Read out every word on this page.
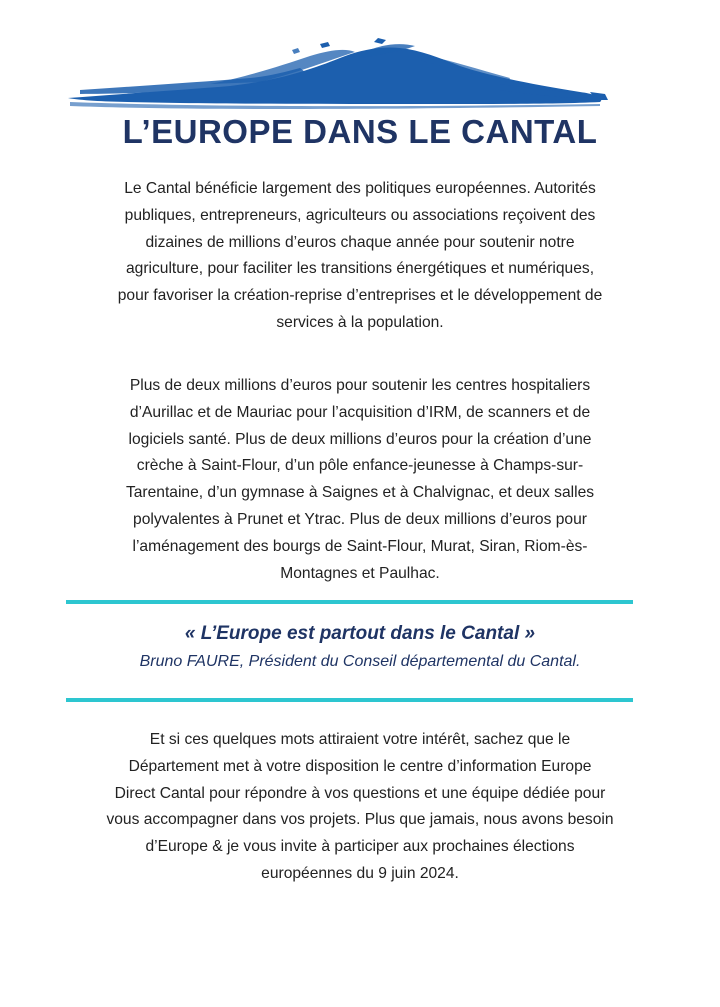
L’EUROPE DANS LE CANTAL
Le Cantal bénéficie largement des politiques européennes. Autorités
publiques, entrepreneurs, agriculteurs ou associations reçoivent des
dizaines de millions d’euros chaque année pour soutenir notre
agriculture, pour faciliter les transitions énergétiques et numériques,
pour favoriser la création-reprise d’entreprises et le développement de
services à la population.
Plus de deux millions d’euros pour soutenir les centres hospitaliers
d’Aurillac et de Mauriac pour l’acquisition d’IRM, de scanners et de
logiciels santé. Plus de deux millions d’euros pour la création d’une
crèche à Saint-Flour, d’un pôle enfance-jeunesse à Champs-sur-
Tarentaine, d’un gymnase à Saignes et à Chalvignac, et deux salles
polyvalentes à Prunet et Ytrac. Plus de deux millions d’euros pour
l’aménagement des bourgs de Saint-Flour, Murat, Siran, Riom-ès-
Montagnes et Paulhac.
« L’Europe est partout dans le Cantal »
Bruno FAURE, Président du Conseil départemental du Cantal.
Et si ces quelques mots attiraient votre intérêt, sachez que le
Département met à votre disposition le centre d’information Europe
Direct Cantal pour répondre à vos questions et une équipe dédiée pour
vous accompagner dans vos projets. Plus que jamais, nous avons besoin
d’Europe & je vous invite à participer aux prochaines élections
européennes du 9 juin 2024.
